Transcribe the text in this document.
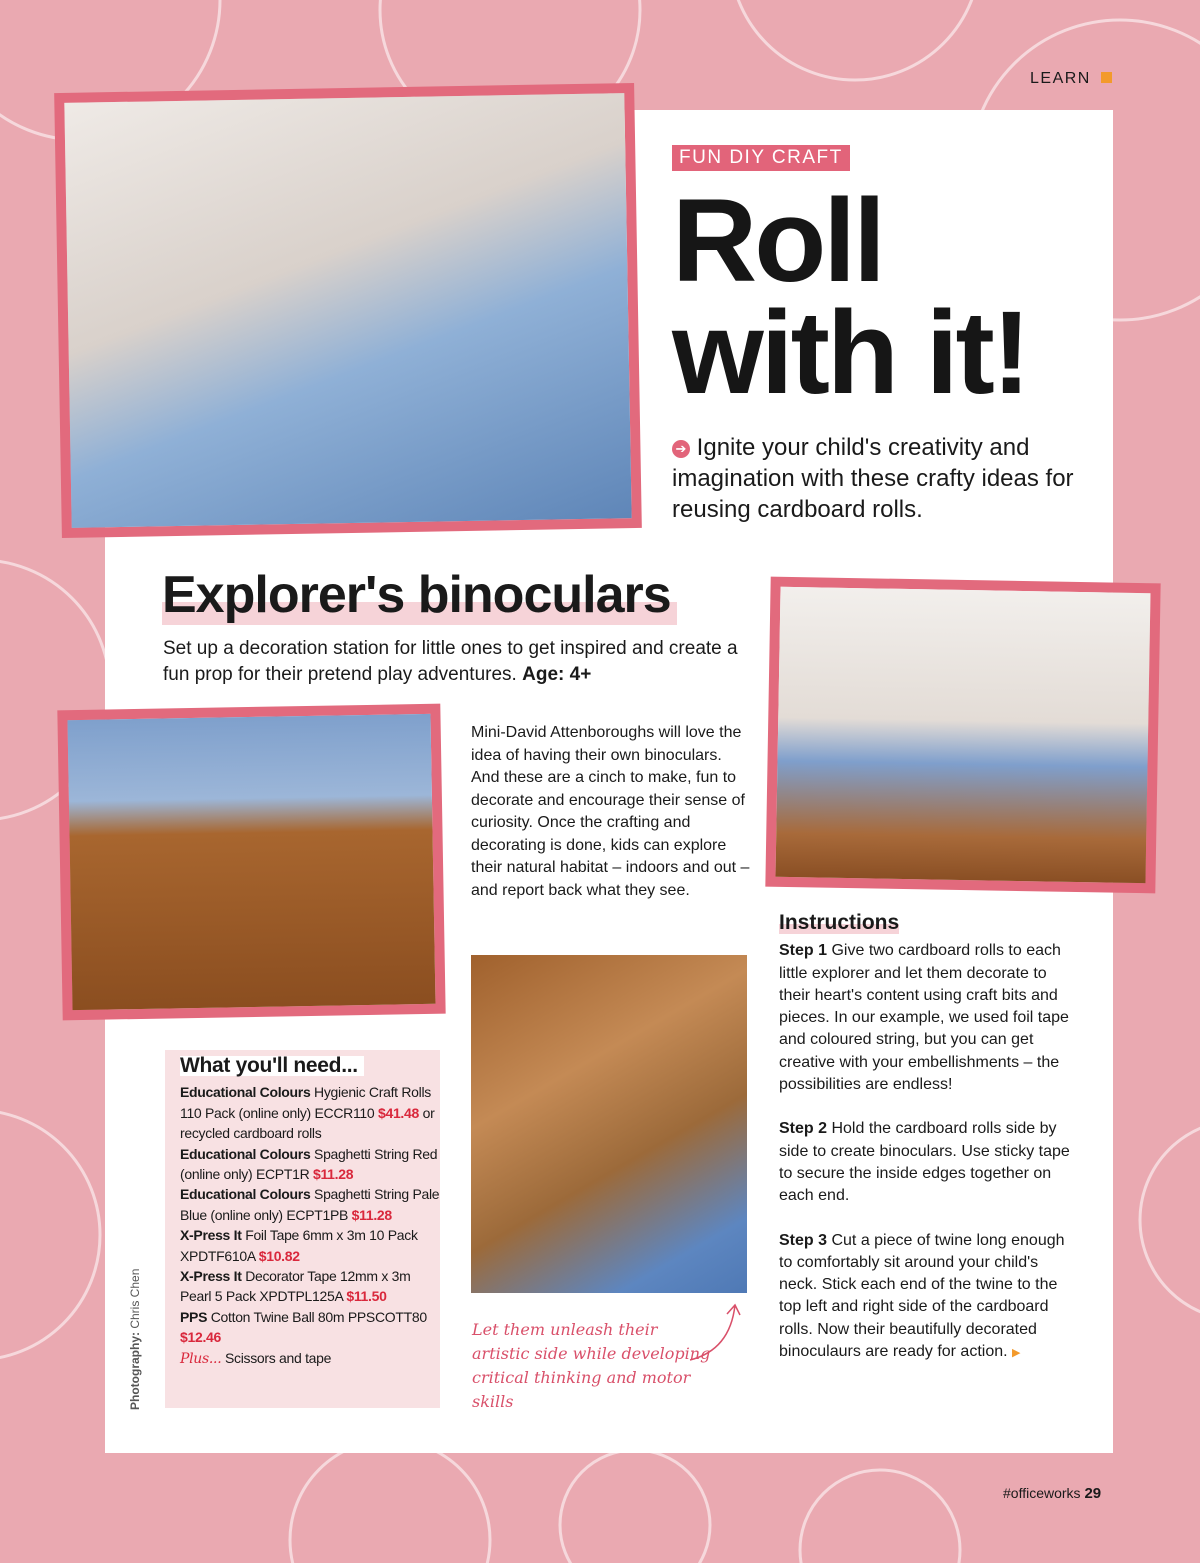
LEARN
FUN DIY CRAFT
Roll
with it!
➔ Ignite your child's creativity and imagination with these crafty ideas for reusing cardboard rolls.
Explorer's binoculars
Set up a decoration station for little ones to get inspired and create a fun prop for their pretend play adventures. Age: 4+
Mini-David Attenboroughs will love the idea of having their own binoculars. And these are a cinch to make, fun to decorate and encourage their sense of curiosity. Once the crafting and decorating is done, kids can explore their natural habitat – indoors and out – and report back what they see.
What you'll need...
Educational Colours Hygienic Craft Rolls 110 Pack (online only) ECCR110 $41.48 or recycled cardboard rolls
Educational Colours Spaghetti String Red (online only) ECPT1R $11.28
Educational Colours Spaghetti String Pale Blue (online only) ECPT1PB $11.28
X-Press It Foil Tape 6mm x 3m 10 Pack XPDTF610A $10.82
X-Press It Decorator Tape 12mm x 3m Pearl 5 Pack XPDTPL125A $11.50
PPS Cotton Twine Ball 80m PPSCOTT80 $12.46
Plus... Scissors and tape
Let them unleash their artistic side while developing critical thinking and motor skills
Instructions

Step 1 Give two cardboard rolls to each little explorer and let them decorate to their heart's content using craft bits and pieces. In our example, we used foil tape and coloured string, but you can get creative with your embellishments – the possibilities are endless!

Step 2 Hold the cardboard rolls side by side to create binoculars. Use sticky tape to secure the inside edges together on each end.

Step 3 Cut a piece of twine long enough to comfortably sit around your child's neck. Stick each end of the twine to the top left and right side of the cardboard rolls. Now their beautifully decorated binoculaurs are ready for action. ▶

Photography: Chris Chen
#officeworks 29
